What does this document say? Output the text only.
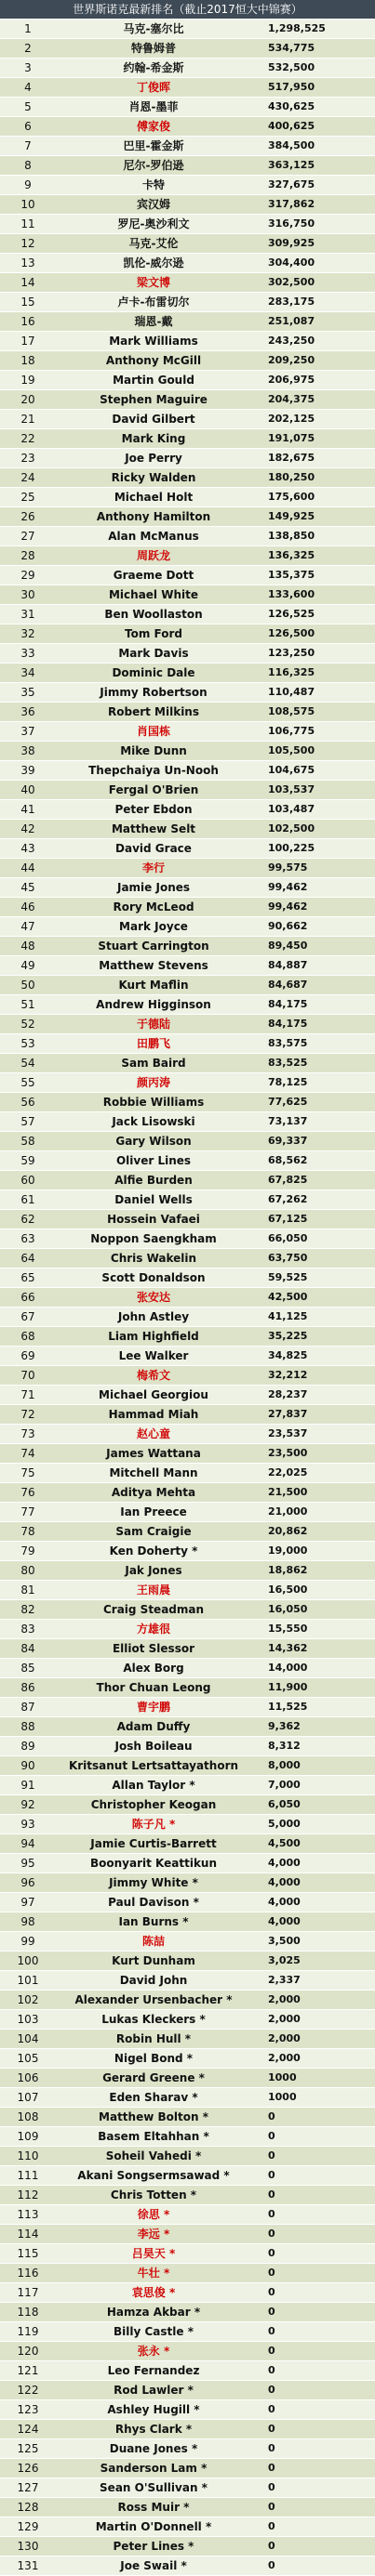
世界斯诺克最新排名（截止2017恒大中锦赛）		
1	马克-塞尔比	1,298,525
2	特鲁姆普	534,775
3	约翰-希金斯	532,500
4	丁俊晖	517,950
5	肖恩-墨菲	430,625
6	傅家俊	400,625
7	巴里-霍金斯	384,500
8	尼尔-罗伯逊	363,125
9	卡特	327,675
10	宾汉姆	317,862
11	罗尼-奥沙利文	316,750
12	马克-艾伦	309,925
13	凯伦-威尔逊	304,400
14	梁文博	302,500
15	卢卡-布雷切尔	283,175
16	瑞恩-戴	251,087
17	Mark Williams	243,250
18	Anthony McGill	209,250
19	Martin Gould	206,975
20	Stephen Maguire	204,375
21	David Gilbert	202,125
22	Mark King	191,075
23	Joe Perry	182,675
24	Ricky Walden	180,250
25	Michael Holt	175,600
26	Anthony Hamilton	149,925
27	Alan McManus	138,850
28	周跃龙	136,325
29	Graeme Dott	135,375
30	Michael White	133,600
31	Ben Woollaston	126,525
32	Tom Ford	126,500
33	Mark Davis	123,250
34	Dominic Dale	116,325
35	Jimmy Robertson	110,487
36	Robert Milkins	108,575
37	肖国栋	106,775
38	Mike Dunn	105,500
39	Thepchaiya Un-Nooh	104,675
40	Fergal O'Brien	103,537
41	Peter Ebdon	103,487
42	Matthew Selt	102,500
43	David Grace	100,225
44	李行	99,575
45	Jamie Jones	99,462
46	Rory McLeod	99,462
47	Mark Joyce	90,662
48	Stuart Carrington	89,450
49	Matthew Stevens	84,887
50	Kurt Maflin	84,687
51	Andrew Higginson	84,175
52	于德陆	84,175
53	田鹏飞	83,575
54	Sam Baird	83,525
55	颜丙涛	78,125
56	Robbie Williams	77,625
57	Jack Lisowski	73,137
58	Gary Wilson	69,337
59	Oliver Lines	68,562
60	Alfie Burden	67,825
61	Daniel Wells	67,262
62	Hossein Vafaei	67,125
63	Noppon Saengkham	66,050
64	Chris Wakelin	63,750
65	Scott Donaldson	59,525
66	张安达	42,500
67	John Astley	41,125
68	Liam Highfield	35,225
69	Lee Walker	34,825
70	梅希文	32,212
71	Michael Georgiou	28,237
72	Hammad Miah	27,837
73	赵心童	23,537
74	James Wattana	23,500
75	Mitchell Mann	22,025
76	Aditya Mehta	21,500
77	Ian Preece	21,000
78	Sam Craigie	20,862
79	Ken Doherty *	19,000
80	Jak Jones	18,862
81	王雨晨	16,500
82	Craig Steadman	16,050
83	方雄很	15,550
84	Elliot Slessor	14,362
85	Alex Borg	14,000
86	Thor Chuan Leong	11,900
87	曹宇鹏	11,525
88	Adam Duffy	9,362
89	Josh Boileau	8,312
90	Kritsanut Lertsattayathorn	8,000
91	Allan Taylor *	7,000
92	Christopher Keogan	6,050
93	陈子凡 *	5,000
94	Jamie Curtis-Barrett	4,500
95	Boonyarit Keattikun	4,000
96	Jimmy White *	4,000
97	Paul Davison *	4,000
98	Ian Burns *	4,000
99	陈喆	3,500
100	Kurt Dunham	3,025
101	David John	2,337
102	Alexander Ursenbacher *	2,000
103	Lukas Kleckers *	2,000
104	Robin Hull *	2,000
105	Nigel Bond *	2,000
106	Gerard Greene *	1000
107	Eden Sharav *	1000
108	Matthew Bolton *	0
109	Basem Eltahhan *	0
110	Soheil Vahedi *	0
111	Akani Songsermsawad *	0
112	Chris Totten *	0
113	徐思 *	0
114	李远 *	0
115	吕昊天 *	0
116	牛壮 *	0
117	袁思俊 *	0
118	Hamza Akbar *	0
119	Billy Castle *	0
120	张永 *	0
121	Leo Fernandez	0
122	Rod Lawler *	0
123	Ashley Hugill *	0
124	Rhys Clark *	0
125	Duane Jones *	0
126	Sanderson Lam *	0
127	Sean O'Sullivan *	0
128	Ross Muir *	0
129	Martin O'Donnell *	0
130	Peter Lines *	0
131	Joe Swail *	0
